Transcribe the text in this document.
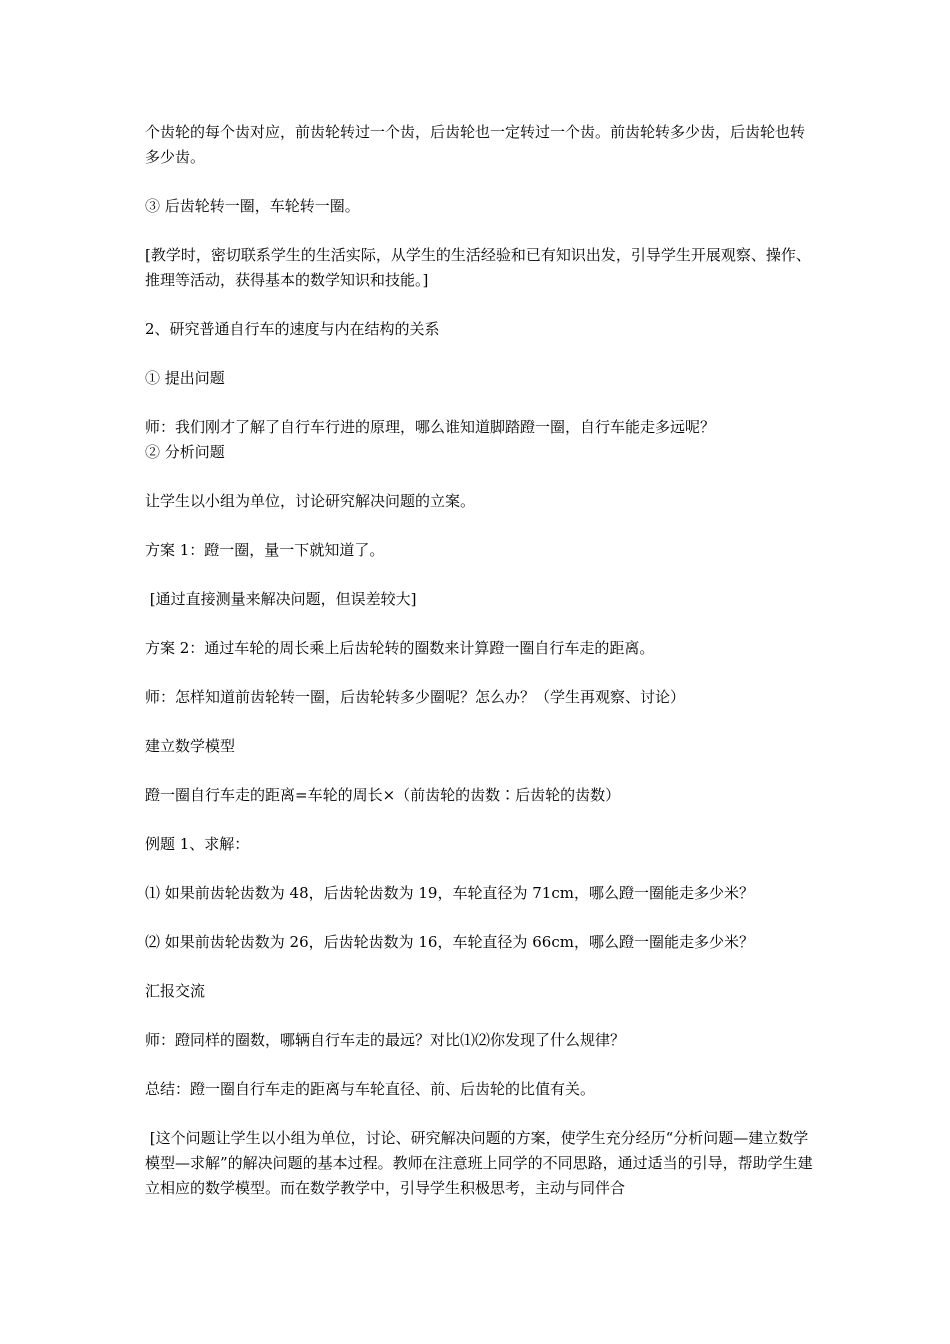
个齿轮的每个齿对应，前齿轮转过一个齿，后齿轮也一定转过一个齿。前齿轮转多少齿，后齿轮也转多少齿。
③ 后齿轮转一圈，车轮转一圈。
[教学时，密切联系学生的生活实际，从学生的生活经验和已有知识出发，引导学生开展观察、操作、推理等活动，获得基本的数学知识和技能。]
2、研究普通自行车的速度与内在结构的关系
① 提出问题
师：我们刚才了解了自行车行进的原理，哪么谁知道脚踏蹬一圈，自行车能走多远呢？
② 分析问题
让学生以小组为单位，讨论研究解决问题的立案。
方案 1：蹬一圈，量一下就知道了。
[通过直接测量来解决问题，但误差较大]
方案 2：通过车轮的周长乘上后齿轮转的圈数来计算蹬一圈自行车走的距离。
师：怎样知道前齿轮转一圈，后齿轮转多少圈呢？怎么办？（学生再观察、讨论）
建立数学模型
蹬一圈自行车走的距离=车轮的周长×（前齿轮的齿数∶后齿轮的齿数）
例题 1、求解：
⑴ 如果前齿轮齿数为 48，后齿轮齿数为 19，车轮直径为 71cm，哪么蹬一圈能走多少米？
⑵ 如果前齿轮齿数为 26，后齿轮齿数为 16，车轮直径为 66cm，哪么蹬一圈能走多少米？
汇报交流
师：蹬同样的圈数，哪辆自行车走的最远？对比⑴⑵你发现了什么规律？
总结：蹬一圈自行车走的距离与车轮直径、前、后齿轮的比值有关。
[这个问题让学生以小组为单位，讨论、研究解决问题的方案，使学生充分经历“分析问题—建立数学模型—求解”的解决问题的基本过程。教师在注意班上同学的不同思路，通过适当的引导，帮助学生建立相应的数学模型。而在数学教学中，引导学生积极思考，主动与同伴合
